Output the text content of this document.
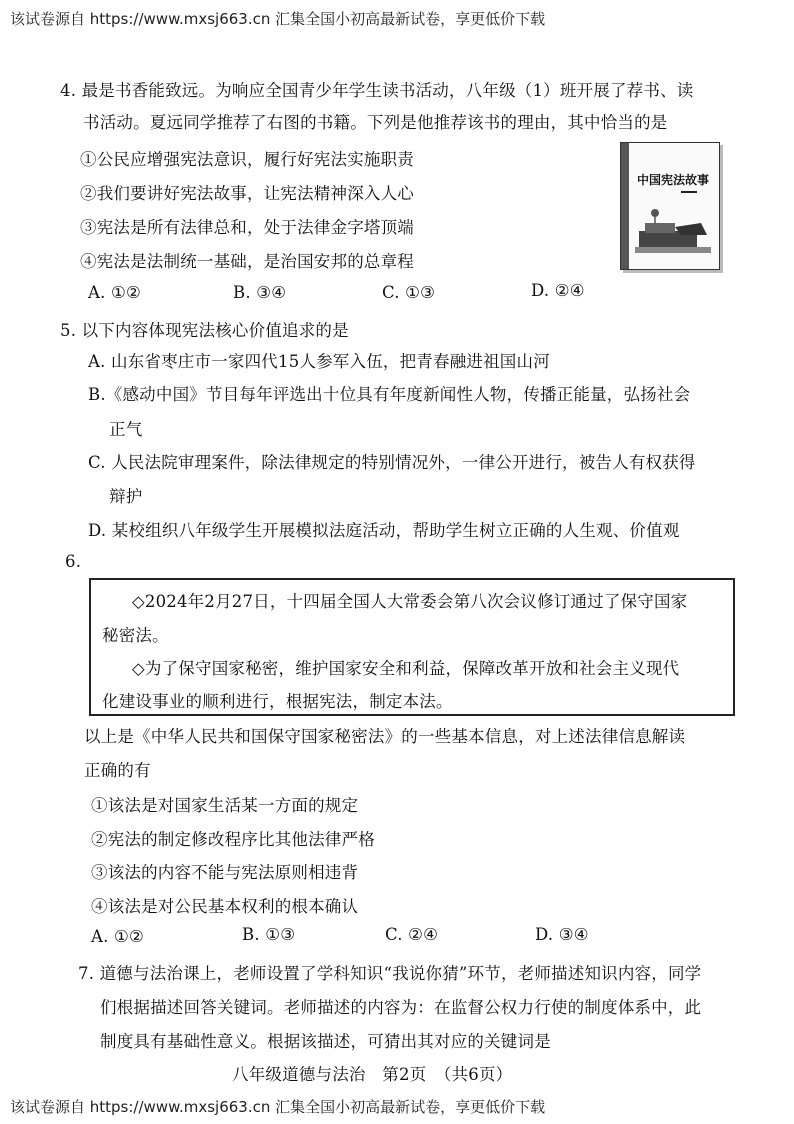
该试卷源自 https://www.mxsj663.cn 汇集全国小初高最新试卷，享更低价下载
4. 最是书香能致远。为响应全国青少年学生读书活动，八年级（1）班开展了荐书、读
书活动。夏远同学推荐了右图的书籍。下列是他推荐该书的理由，其中恰当的是
①公民应增强宪法意识，履行好宪法实施职责
②我们要讲好宪法故事，让宪法精神深入人心
③宪法是所有法律总和，处于法律金字塔顶端
④宪法是法制统一基础，是治国安邦的总章程
A. ①②	B. ③④	C. ①③	D. ②④
中国宪法故事
5. 以下内容体现宪法核心价值追求的是
A. 山东省枣庄市一家四代15人参军入伍，把青春融进祖国山河
B.《感动中国》节目每年评选出十位具有年度新闻性人物，传播正能量，弘扬社会
正气
C. 人民法院审理案件，除法律规定的特别情况外，一律公开进行，被告人有权获得
辩护
D. 某校组织八年级学生开展模拟法庭活动，帮助学生树立正确的人生观、价值观
6.
◇2024年2月27日，十四届全国人大常委会第八次会议修订通过了保守国家
秘密法。
◇为了保守国家秘密，维护国家安全和利益，保障改革开放和社会主义现代
化建设事业的顺利进行，根据宪法，制定本法。
以上是《中华人民共和国保守国家秘密法》的一些基本信息，对上述法律信息解读
正确的有
①该法是对国家生活某一方面的规定
②宪法的制定修改程序比其他法律严格
③该法的内容不能与宪法原则相违背
④该法是对公民基本权利的根本确认
A. ①②	B. ①③	C. ②④	D. ③④
7. 道德与法治课上，老师设置了学科知识“我说你猜”环节，老师描述知识内容，同学
们根据描述回答关键词。老师描述的内容为：在监督公权力行使的制度体系中，此
制度具有基础性意义。根据该描述，可猜出其对应的关键词是
八年级道德与法治　第2页　（共6页）
该试卷源自 https://www.mxsj663.cn 汇集全国小初高最新试卷，享更低价下载
